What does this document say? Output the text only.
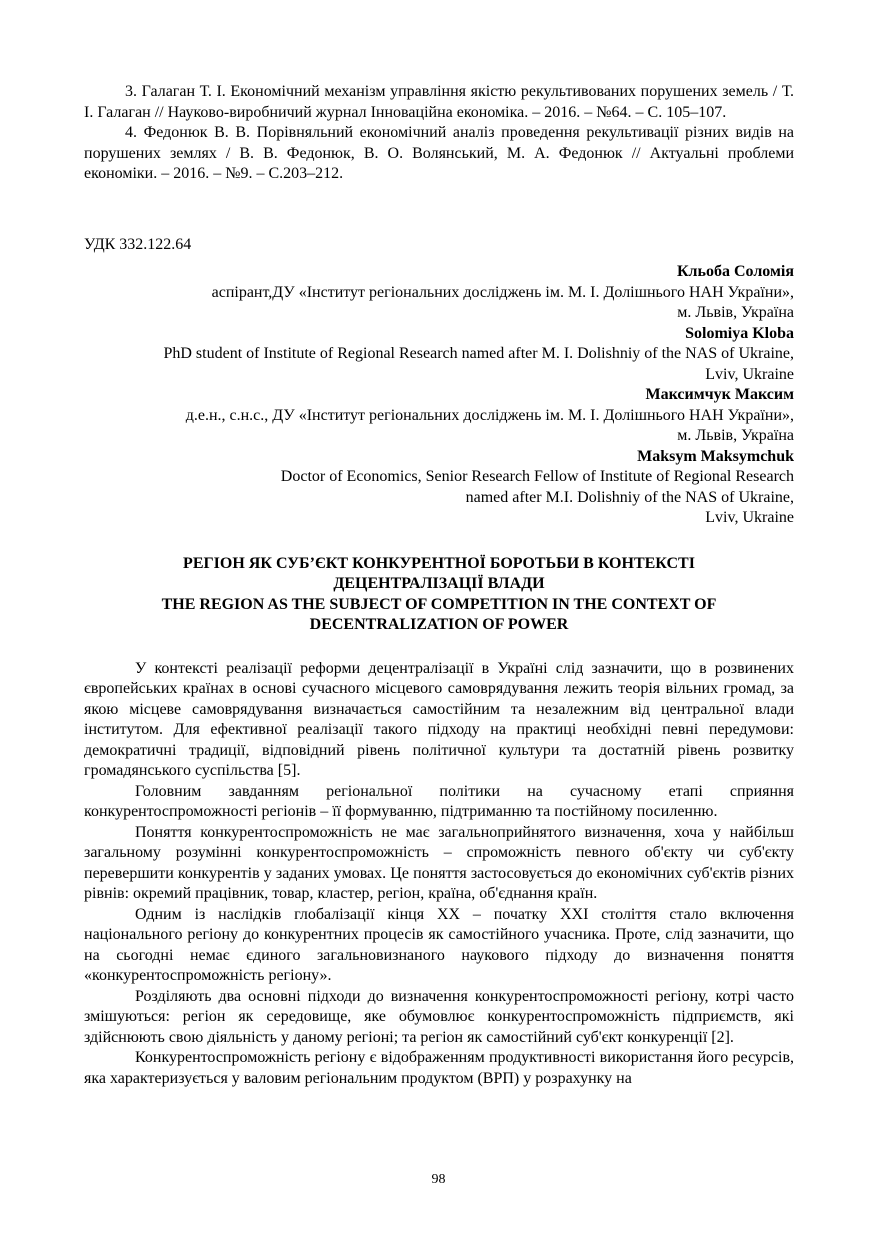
3. Галаган Т. І. Економічний механізм управління якістю рекультивованих порушених земель / Т. І. Галаган // Науково-виробничий журнал Інноваційна економіка. – 2016. – №64. – С. 105–107.

4. Федонюк В. В. Порівняльний економічний аналіз проведення рекультивації різних видів на порушених землях / В. В. Федонюк, В. О. Волянський, М. А. Федонюк // Актуальні проблеми економіки. – 2016. – №9. – С.203–212.

УДК 332.122.64
Кльоба Соломія
аспірант,ДУ «Інститут регіональних досліджень ім. М. І. Долішнього НАН України»,
м. Львів, Україна
Solomiya Kloba
PhD student of Institute of Regional Research named after M. I. Dolishniy of the NAS of Ukraine,
Lviv, Ukraine
Максимчук Максим
д.е.н., с.н.с., ДУ «Інститут регіональних досліджень ім. М. І. Долішнього НАН України»,
м. Львів, Україна
Maksym Maksymchuk
Doctor of Economics, Senior Research Fellow of Institute of Regional Research
named after M.I. Dolishniy of the NAS of Ukraine,
Lviv, Ukraine
РЕГІОН ЯК СУБ’ЄКТ КОНКУРЕНТНОЇ БОРОТЬБИ В КОНТЕКСТІ
ДЕЦЕНТРАЛІЗАЦІЇ ВЛАДИ
THE REGION AS THE SUBJECT OF COMPETITION IN THE CONTEXT OF
DECENTRALIZATION OF POWER

У контексті реалізації реформи децентралізації в Україні слід зазначити, що в розвинених європейських країнах в основі сучасного місцевого самоврядування лежить теорія вільних громад, за якою місцеве самоврядування визначається самостійним та незалежним від центральної влади інститутом. Для ефективної реалізації такого підходу на практиці необхідні певні передумови: демократичні традиції, відповідний рівень політичної культури та достатній рівень розвитку громадянського суспільства [5].

Головним завданням регіональної політики на сучасному етапі сприяння конкурентоспроможності регіонів – її формуванню, підтриманню та постійному посиленню.

Поняття конкурентоспроможність не має загальноприйнятого визначення, хоча у найбільш загальному розумінні конкурентоспроможність – спроможність певного об'єкту чи суб'єкту перевершити конкурентів у заданих умовах. Це поняття застосовується до економічних суб'єктів різних рівнів: окремий працівник, товар, кластер, регіон, країна, об'єднання країн.

Одним із наслідків глобалізації кінця ХХ – початку ХХІ століття стало включення національного регіону до конкурентних процесів як самостійного учасника. Проте, слід зазначити, що на сьогодні немає єдиного загальновизнаного наукового підходу до визначення поняття «конкурентоспроможність регіону».

Розділяють два основні підходи до визначення конкурентоспроможності регіону, котрі часто змішуються: регіон як середовище, яке обумовлює конкурентоспроможність підприємств, які здійснюють свою діяльність у даному регіоні; та регіон як самостійний суб'єкт конкуренції [2].

Конкурентоспроможність регіону є відображенням продуктивності використання його ресурсів, яка характеризується у валовим регіональним продуктом (ВРП) у розрахунку на

98
